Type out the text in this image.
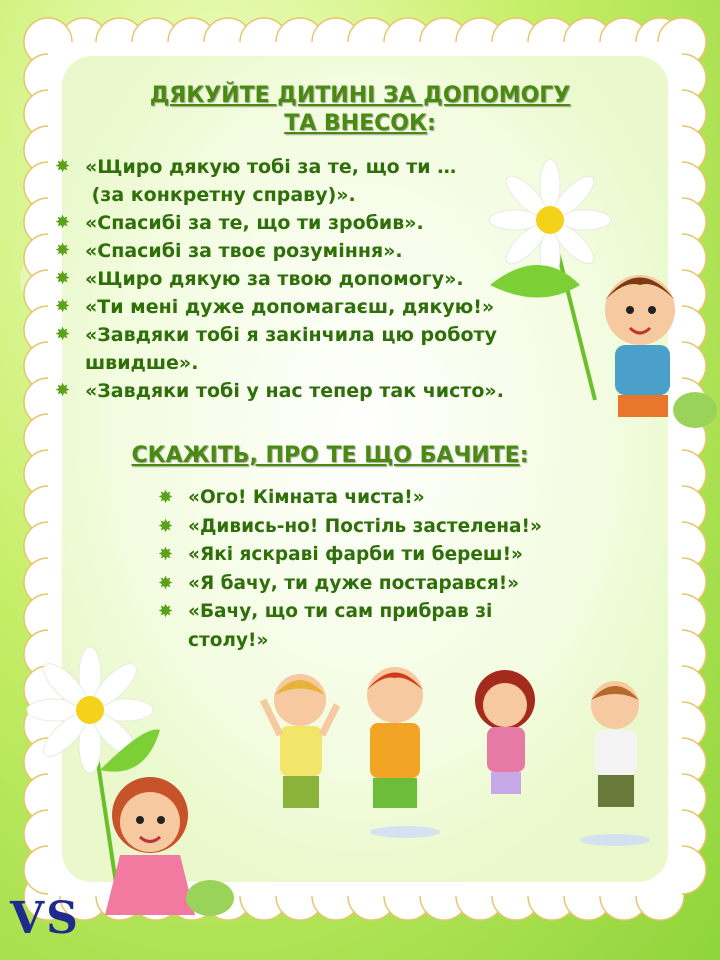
ДЯКУЙТЕ ДИТИНІ ЗА ДОПОМОГУ
ТА ВНЕСОК:
✸ «Щиро дякую тобі за те, що ти …
(за конкретну справу)».
✸ «Спасибі за те, що ти зробив».
✸ «Спасибі за твоє розуміння».
✸ «Щиро дякую за твою допомогу».
✸ «Ти мені дуже допомагаєш, дякую!»
✸ «Завдяки тобі я закінчила цю роботу
швидше».
✸ «Завдяки тобі у нас тепер так чисто».
СКАЖІТЬ, ПРО ТЕ ЩО БАЧИТЕ:
✸ «Ого! Кімната чиста!»
✸ «Дивись-но! Постіль застелена!»
✸ «Які яскраві фарби ти береш!»
✸ «Я бачу, ти дуже постарався!»
✸ «Бачу, що ти сам прибрав зі
столу!»
VS
